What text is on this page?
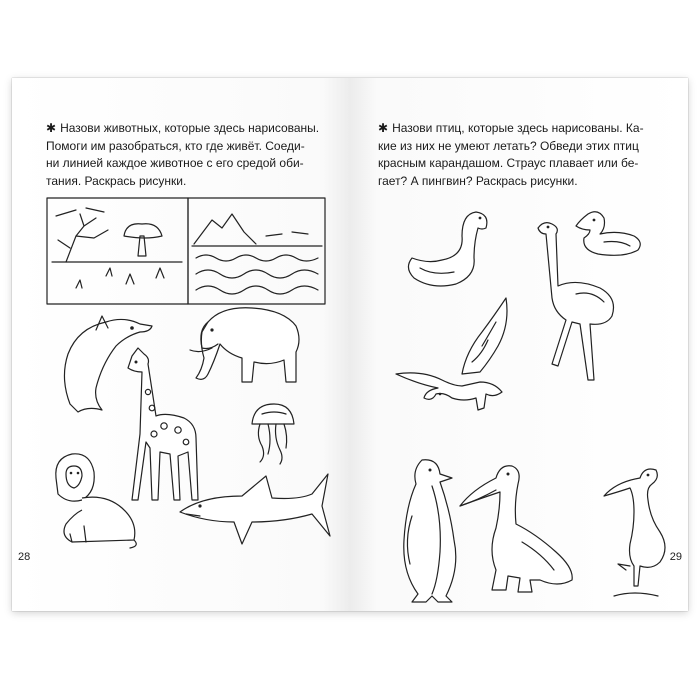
✱ Назови животных, которые здесь нарисованы.
Помоги им разобраться, кто где живёт. Соеди-
ни линией каждое животное с его средой оби-
тания. Раскрась рисунки.
28
✱ Назови птиц, которые здесь нарисованы. Ка-
кие из них не умеют летать? Обведи этих птиц
красным карандашом. Страус плавает или бе-
гает? А пингвин? Раскрась рисунки.
29
